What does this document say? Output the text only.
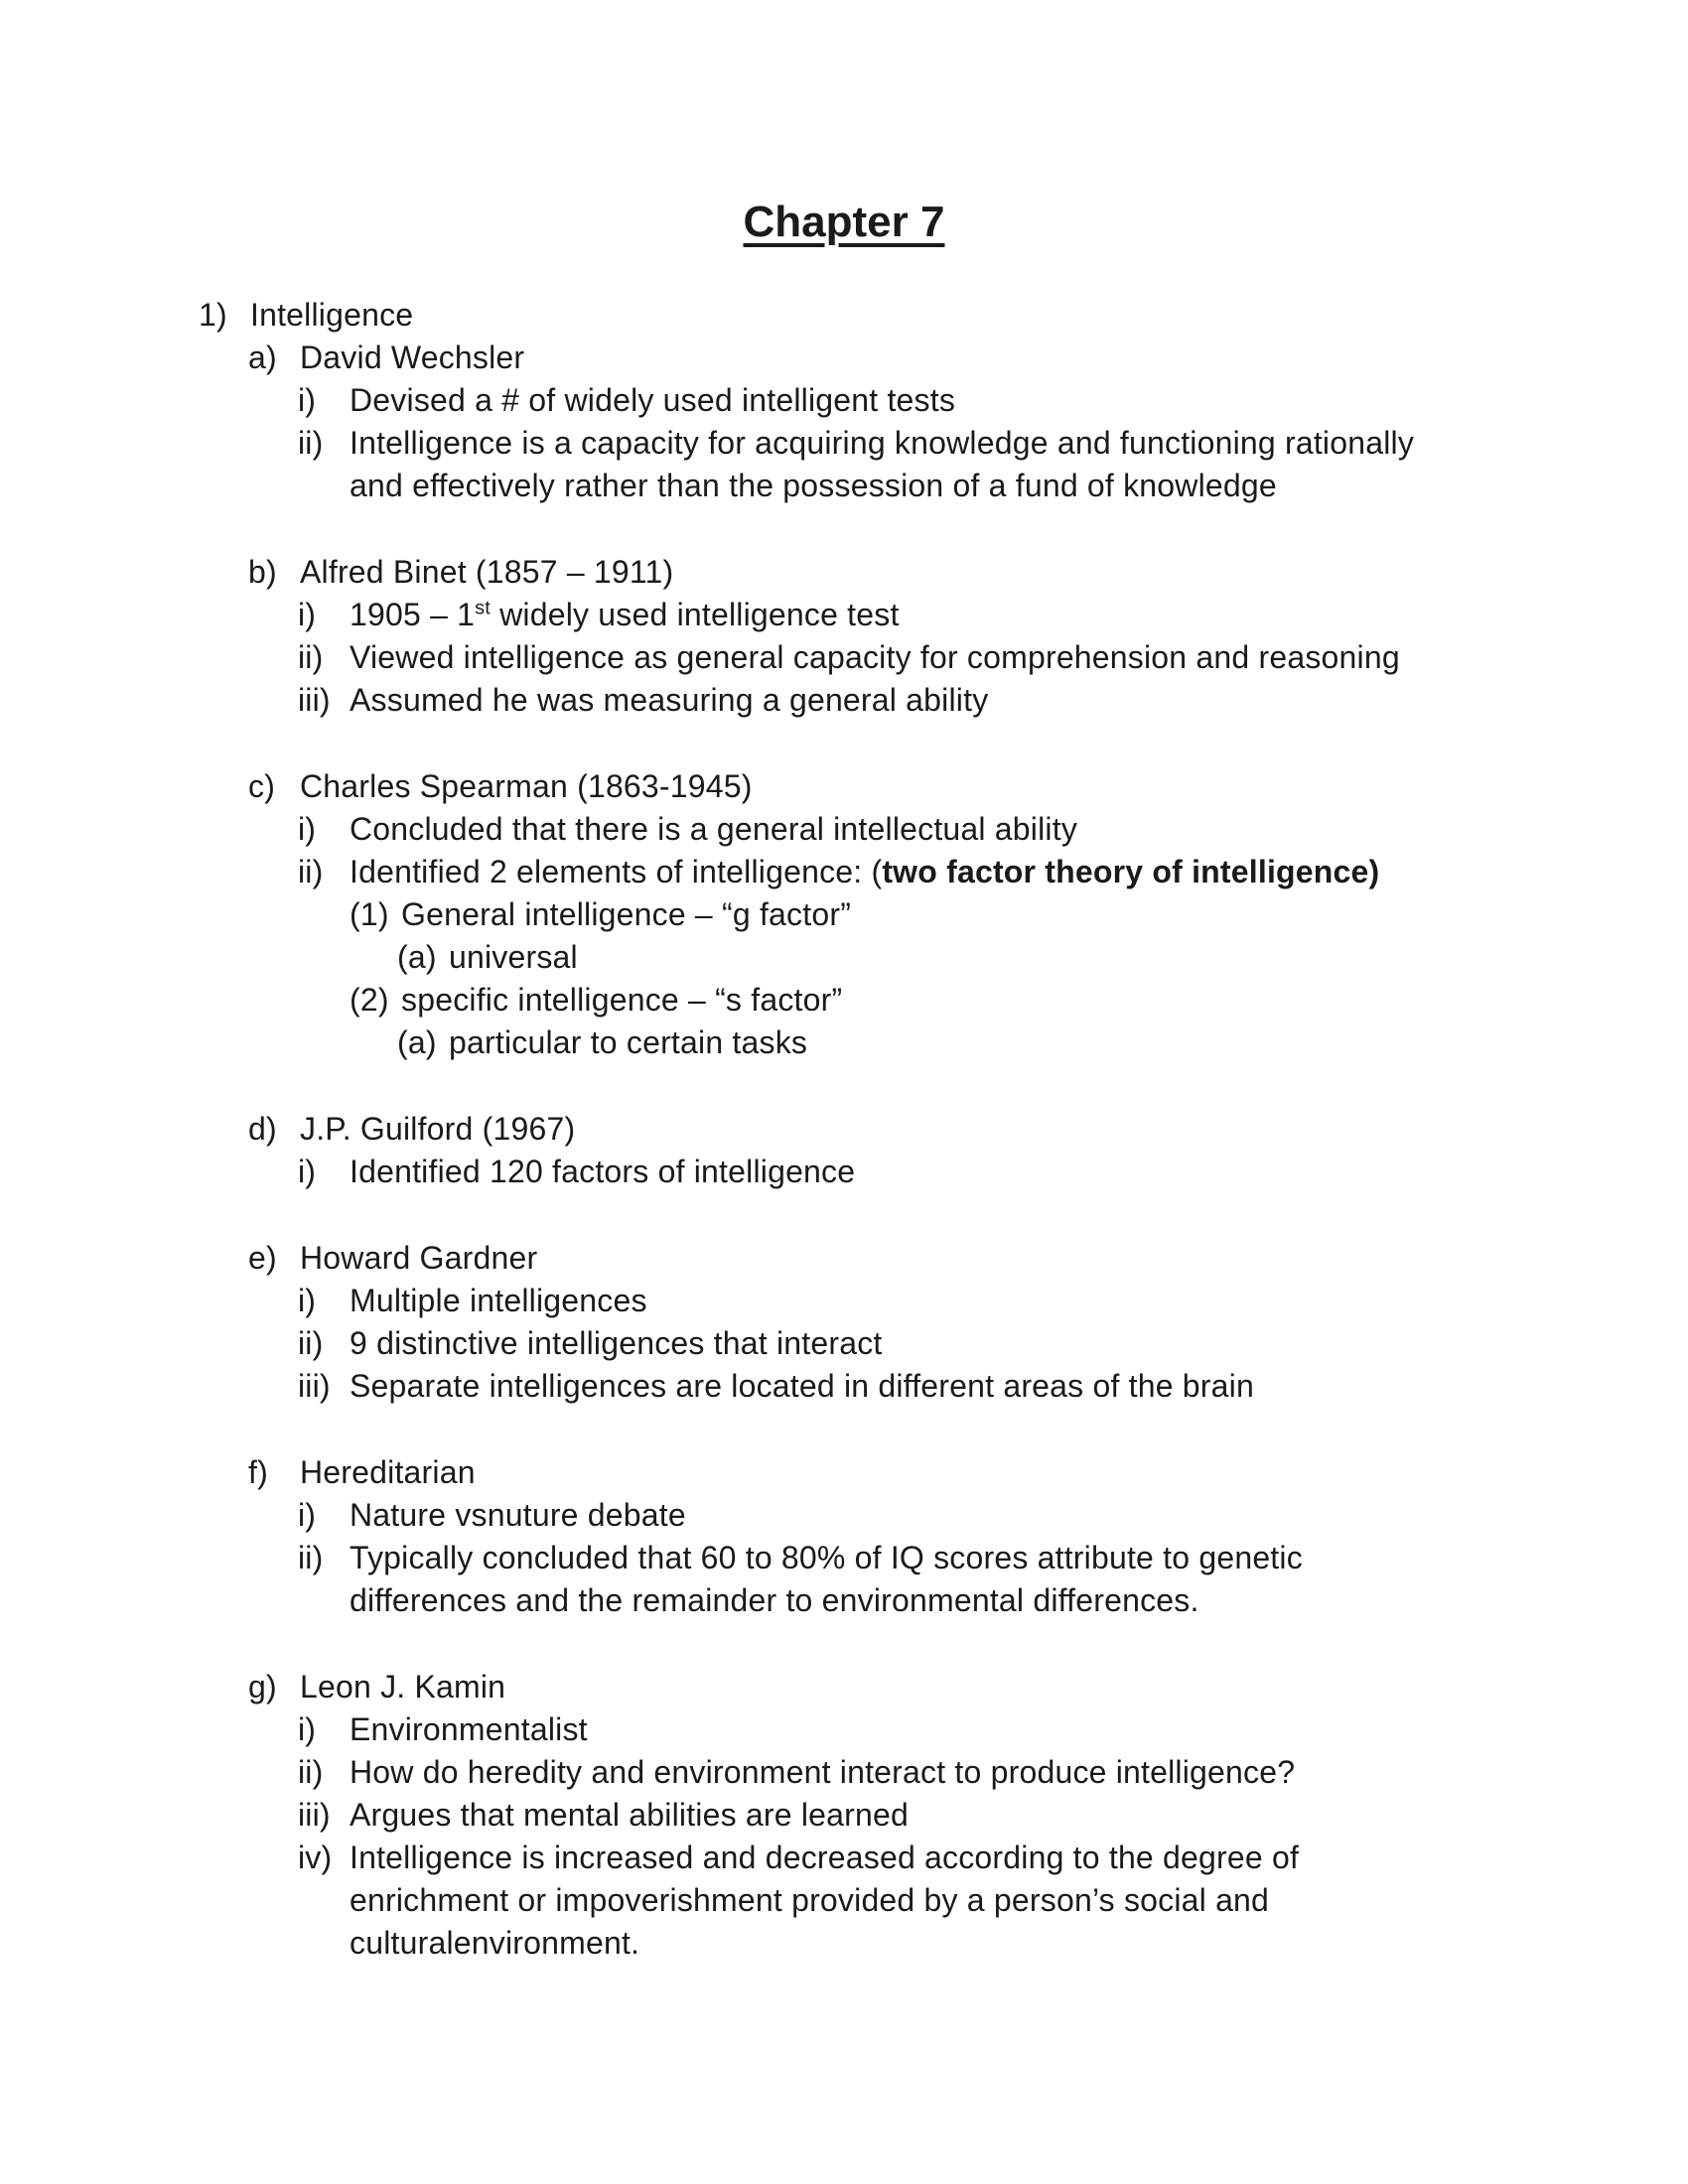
Chapter 7
1) Intelligence
a) David Wechsler
i)	Devised a # of widely used intelligent tests
ii) Intelligence is a capacity for acquiring knowledge and functioning rationally
and effectively rather than the possession of a fund of knowledge
b) Alfred Binet (1857 – 1911)
i)	1905 – 1st widely used intelligence test
ii) Viewed intelligence as general capacity for comprehension and reasoning
iii) Assumed he was measuring a general ability
c) Charles Spearman (1863-1945)
i)	Concluded that there is a general intellectual ability
ii) Identified 2 elements of intelligence: (two factor theory of intelligence)
(1) General intelligence – “g factor”
(a) universal
(2) specific intelligence – “s factor”
(a) particular to certain tasks
d) J.P. Guilford (1967)
i)	Identified 120 factors of intelligence
e) Howard Gardner
i)	Multiple intelligences
ii) 9 distinctive intelligences that interact
iii) Separate intelligences are located in different areas of the brain
f)	Hereditarian
i)	Nature vsnuture debate
ii) Typically concluded that 60 to 80% of IQ scores attribute to genetic
differences and the remainder to environmental differences.
g) Leon J. Kamin
i)	Environmentalist
ii) How do heredity and environment interact to produce intelligence?
iii) Argues that mental abilities are learned
iv) Intelligence is increased and decreased according to the degree of
enrichment or impoverishment provided by a person’s social and
culturalenvironment.
